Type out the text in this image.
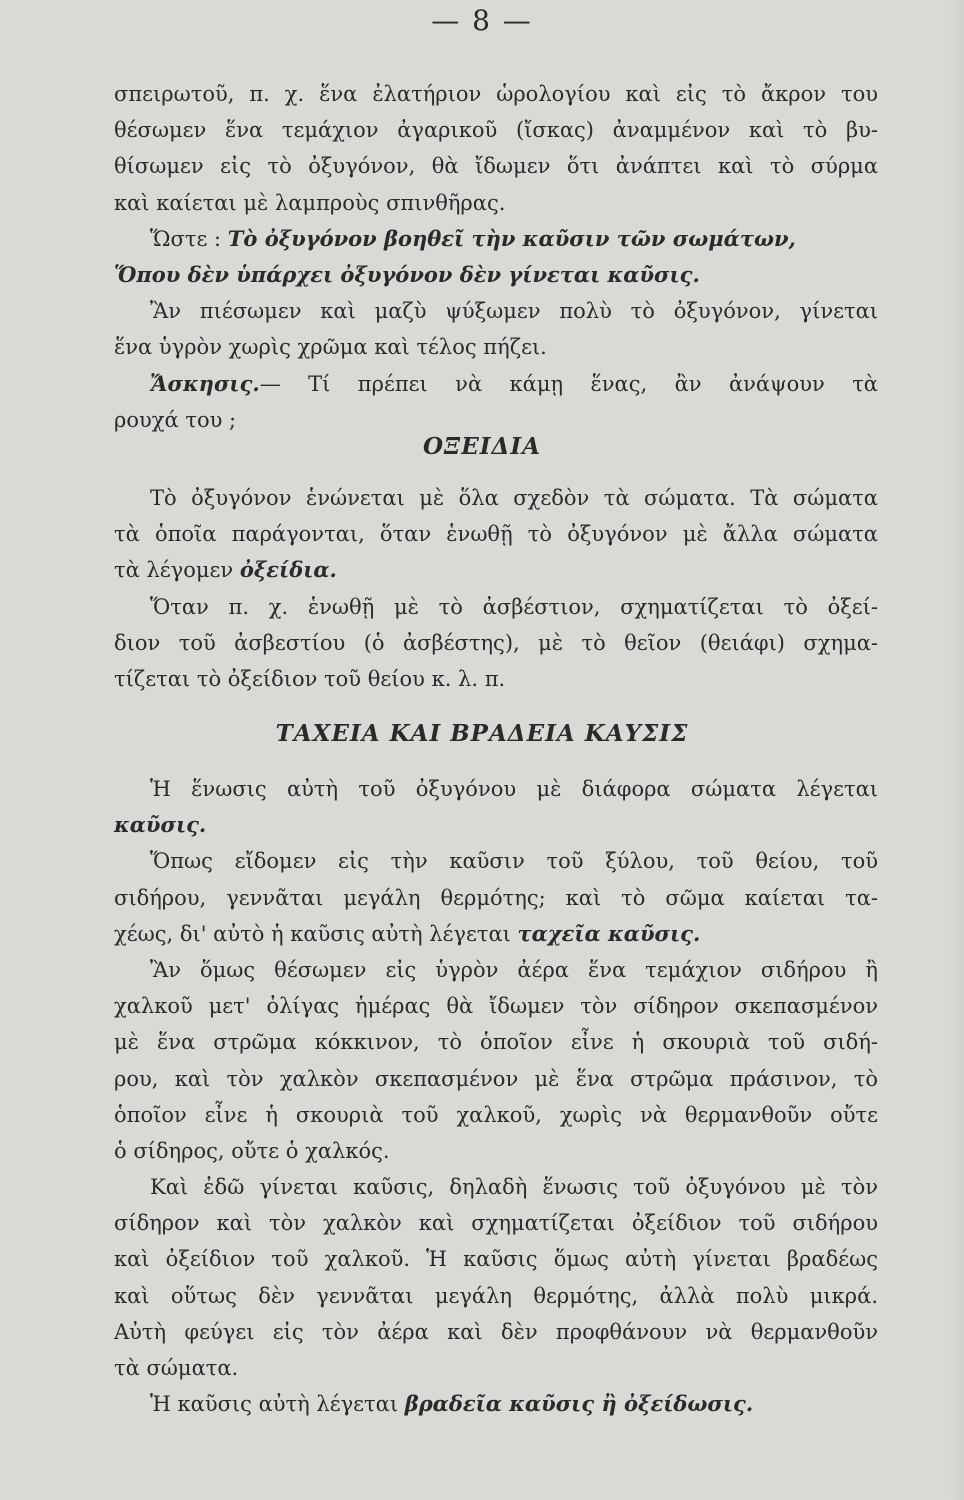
— 8 —
σπειρωτοῦ, π. χ. ἕνα ἐλατήριον ὡρολογίου καὶ εἰς τὸ ἄκρον του
θέσωμεν ἕνα τεμάχιον ἀγαρικοῦ (ἴσκας) ἀναμμένον καὶ τὸ βυ-
θίσωμεν εἰς τὸ ὀξυγόνον, θὰ ἴδωμεν ὅτι ἀνάπτει καὶ τὸ σύρμα
καὶ καίεται μὲ λαμπροὺς σπινθῆρας.
Ὥστε : Τὸ ὀξυγόνον βοηθεῖ τὴν καῦσιν τῶν σωμάτων,
Ὅπου δὲν ὑπάρχει ὀξυγόνον δὲν γίνεται καῦσις.
Ἂν πιέσωμεν καὶ μαζὺ ψύξωμεν πολὺ τὸ ὀξυγόνον, γίνεται
ἕνα ὑγρὸν χωρὶς χρῶμα καὶ τέλος πήζει.
Ἄσκησις.— Τί πρέπει νὰ κάμῃ ἕνας, ἂν ἀνάψουν τὰ
ρουχά του ;
ΟΞΕΙΔΙΑ
Τὸ ὀξυγόνον ἑνώνεται μὲ ὅλα σχεδὸν τὰ σώματα. Τὰ σώματα
τὰ ὁποῖα παράγονται, ὅταν ἑνωθῇ τὸ ὀξυγόνον μὲ ἄλλα σώματα
τὰ λέγομεν ὀξείδια.
Ὅταν π. χ. ἑνωθῇ μὲ τὸ ἀσβέστιον, σχηματίζεται τὸ ὀξεί-
διον τοῦ ἀσβεστίου (ὁ ἀσβέστης), μὲ τὸ θεῖον (θειάφι) σχημα-
τίζεται τὸ ὀξείδιον τοῦ θείου κ. λ. π.
ΤΑΧΕΙΑ ΚΑΙ ΒΡΑΔΕΙΑ ΚΑΥΣΙΣ
Ἡ ἕνωσις αὐτὴ τοῦ ὀξυγόνου μὲ διάφορα σώματα λέγεται
καῦσις.
Ὅπως εἴδομεν εἰς τὴν καῦσιν τοῦ ξύλου, τοῦ θείου, τοῦ
σιδήρου, γεννᾶται μεγάλη θερμότης; καὶ τὸ σῶμα καίεται τα-
χέως, δι' αὐτὸ ἡ καῦσις αὐτὴ λέγεται ταχεῖα καῦσις.
Ἂν ὅμως θέσωμεν εἰς ὑγρὸν ἀέρα ἕνα τεμάχιον σιδήρου ἢ
χαλκοῦ μετ' ὀλίγας ἡμέρας θὰ ἴδωμεν τὸν σίδηρον σκεπασμένον
μὲ ἕνα στρῶμα κόκκινον, τὸ ὁποῖον εἶνε ἡ σκουριὰ τοῦ σιδή-
ρου, καὶ τὸν χαλκὸν σκεπασμένον μὲ ἕνα στρῶμα πράσινον, τὸ
ὁποῖον εἶνε ἡ σκουριὰ τοῦ χαλκοῦ, χωρὶς νὰ θερμανθοῦν οὔτε
ὁ σίδηρος, οὔτε ὁ χαλκός.
Καὶ ἐδῶ γίνεται καῦσις, δηλαδὴ ἕνωσις τοῦ ὀξυγόνου μὲ τὸν
σίδηρον καὶ τὸν χαλκὸν καὶ σχηματίζεται ὀξείδιον τοῦ σιδήρου
καὶ ὀξείδιον τοῦ χαλκοῦ. Ἡ καῦσις ὅμως αὐτὴ γίνεται βραδέως
καὶ οὕτως δὲν γεννᾶται μεγάλη θερμότης, ἀλλὰ πολὺ μικρά.
Αὐτὴ φεύγει εἰς τὸν ἀέρα καὶ δὲν προφθάνουν νὰ θερμανθοῦν
τὰ σώματα.
Ἡ καῦσις αὐτὴ λέγεται βραδεῖα καῦσις ἢ ὀξείδωσις.
